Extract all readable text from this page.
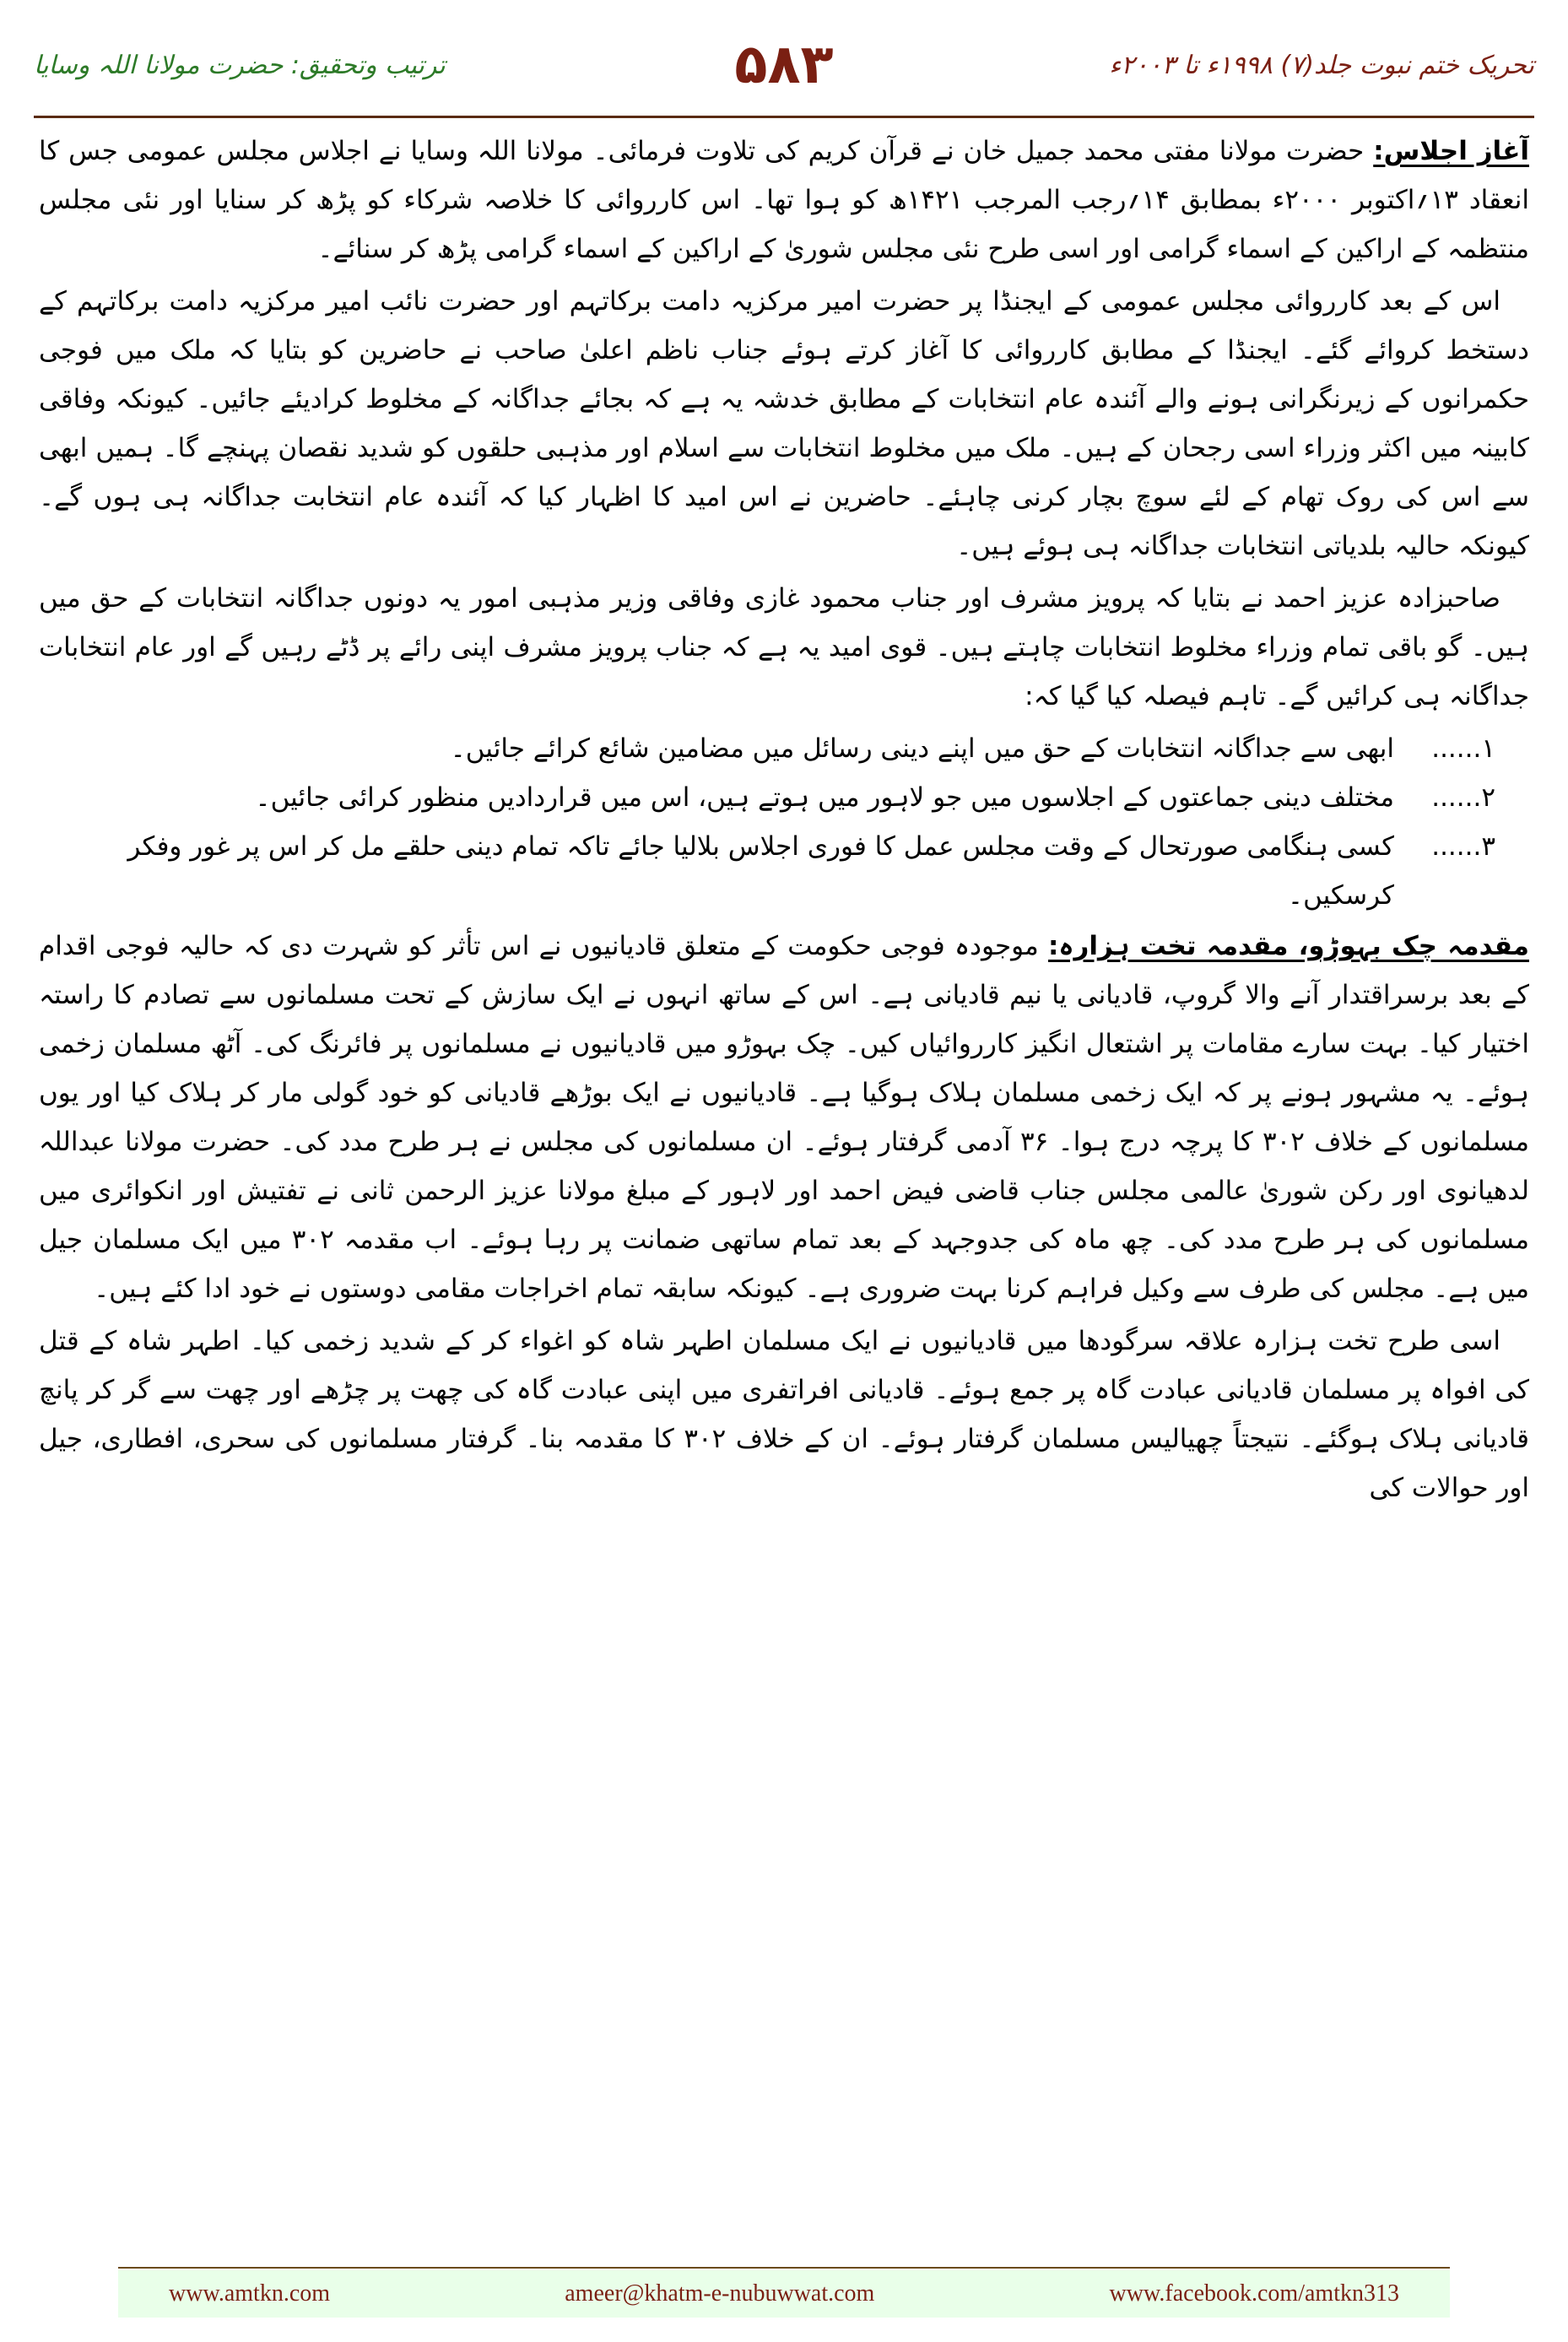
تحریک ختم نبوت جلد(۷) ۱۹۹۸ء تا ۲۰۰۳ء
۵۸۳
ترتیب وتحقیق: حضرت مولانا اللہ وسایا

آغاز اجلاس: حضرت مولانا مفتی محمد جمیل خان نے قرآن کریم کی تلاوت فرمائی۔ مولانا اللہ وسایا نے اجلاس مجلس عمومی جس کا انعقاد ۱۳؍اکتوبر ۲۰۰۰ء بمطابق ۱۴؍رجب المرجب ۱۴۲۱ھ کو ہوا تھا۔ اس کارروائی کا خلاصہ شرکاء کو پڑھ کر سنایا اور نئی مجلس منتظمہ کے اراکین کے اسماء گرامی اور اسی طرح نئی مجلس شوریٰ کے اراکین کے اسماء گرامی پڑھ کر سنائے۔

اس کے بعد کارروائی مجلس عمومی کے ایجنڈا پر حضرت امیر مرکزیہ دامت برکاتہم اور حضرت نائب امیر مرکزیہ دامت برکاتہم کے دستخط کروائے گئے۔ ایجنڈا کے مطابق کارروائی کا آغاز کرتے ہوئے جناب ناظم اعلیٰ صاحب نے حاضرین کو بتایا کہ ملک میں فوجی حکمرانوں کے زیرنگرانی ہونے والے آئندہ عام انتخابات کے مطابق خدشہ یہ ہے کہ بجائے جداگانہ کے مخلوط کرادیئے جائیں۔ کیونکہ وفاقی کابینہ میں اکثر وزراء اسی رجحان کے ہیں۔ ملک میں مخلوط انتخابات سے اسلام اور مذہبی حلقوں کو شدید نقصان پہنچے گا۔ ہمیں ابھی سے اس کی روک تھام کے لئے سوچ بچار کرنی چاہئے۔ حاضرین نے اس امید کا اظہار کیا کہ آئندہ عام انتخابت جداگانہ ہی ہوں گے۔ کیونکہ حالیہ بلدیاتی انتخابات جداگانہ ہی ہوئے ہیں۔

صاحبزادہ عزیز احمد نے بتایا کہ پرویز مشرف اور جناب محمود غازی وفاقی وزیر مذہبی امور یہ دونوں جداگانہ انتخابات کے حق میں ہیں۔ گو باقی تمام وزراء مخلوط انتخابات چاہتے ہیں۔ قوی امید یہ ہے کہ جناب پرویز مشرف اپنی رائے پر ڈٹے رہیں گے اور عام انتخابات جداگانہ ہی کرائیں گے۔ تاہم فیصلہ کیا گیا کہ:

۱......
ابھی سے جداگانہ انتخابات کے حق میں اپنے دینی رسائل میں مضامین شائع کرائے جائیں۔
۲......
مختلف دینی جماعتوں کے اجلاسوں میں جو لاہور میں ہوتے ہیں، اس میں قراردادیں منظور کرائی جائیں۔
۳......
کسی ہنگامی صورتحال کے وقت مجلس عمل کا فوری اجلاس بلالیا جائے تاکہ تمام دینی حلقے مل کر اس پر غور وفکر کرسکیں۔

مقدمہ چک بہوڑو، مقدمہ تخت ہزارہ: موجودہ فوجی حکومت کے متعلق قادیانیوں نے اس تأثر کو شہرت دی کہ حالیہ فوجی اقدام کے بعد برسراقتدار آنے والا گروپ، قادیانی یا نیم قادیانی ہے۔ اس کے ساتھ انہوں نے ایک سازش کے تحت مسلمانوں سے تصادم کا راستہ اختیار کیا۔ بہت سارے مقامات پر اشتعال انگیز کارروائیاں کیں۔ چک بہوڑو میں قادیانیوں نے مسلمانوں پر فائرنگ کی۔ آٹھ مسلمان زخمی ہوئے۔ یہ مشہور ہونے پر کہ ایک زخمی مسلمان ہلاک ہوگیا ہے۔ قادیانیوں نے ایک بوڑھے قادیانی کو خود گولی مار کر ہلاک کیا اور یوں مسلمانوں کے خلاف ۳۰۲ کا پرچہ درج ہوا۔ ۳۶ آدمی گرفتار ہوئے۔ ان مسلمانوں کی مجلس نے ہر طرح مدد کی۔ حضرت مولانا عبداللہ لدھیانوی اور رکن شوریٰ عالمی مجلس جناب قاضی فیض احمد اور لاہور کے مبلغ مولانا عزیز الرحمن ثانی نے تفتیش اور انکوائری میں مسلمانوں کی ہر طرح مدد کی۔ چھ ماہ کی جدوجہد کے بعد تمام ساتھی ضمانت پر رہا ہوئے۔ اب مقدمہ ۳۰۲ میں ایک مسلمان جیل میں ہے۔ مجلس کی طرف سے وکیل فراہم کرنا بہت ضروری ہے۔ کیونکہ سابقہ تمام اخراجات مقامی دوستوں نے خود ادا کئے ہیں۔

اسی طرح تخت ہزارہ علاقہ سرگودھا میں قادیانیوں نے ایک مسلمان اطہر شاہ کو اغواء کر کے شدید زخمی کیا۔ اطہر شاہ کے قتل کی افواہ پر مسلمان قادیانی عبادت گاہ پر جمع ہوئے۔ قادیانی افراتفری میں اپنی عبادت گاہ کی چھت پر چڑھے اور چھت سے گر کر پانچ قادیانی ہلاک ہوگئے۔ نتیجتاً چھیالیس مسلمان گرفتار ہوئے۔ ان کے خلاف ۳۰۲ کا مقدمہ بنا۔ گرفتار مسلمانوں کی سحری، افطاری، جیل اور حوالات کی

www.amtkn.com	ameer@khatm-e-nubuwwat.com	www.facebook.com/amtkn313
